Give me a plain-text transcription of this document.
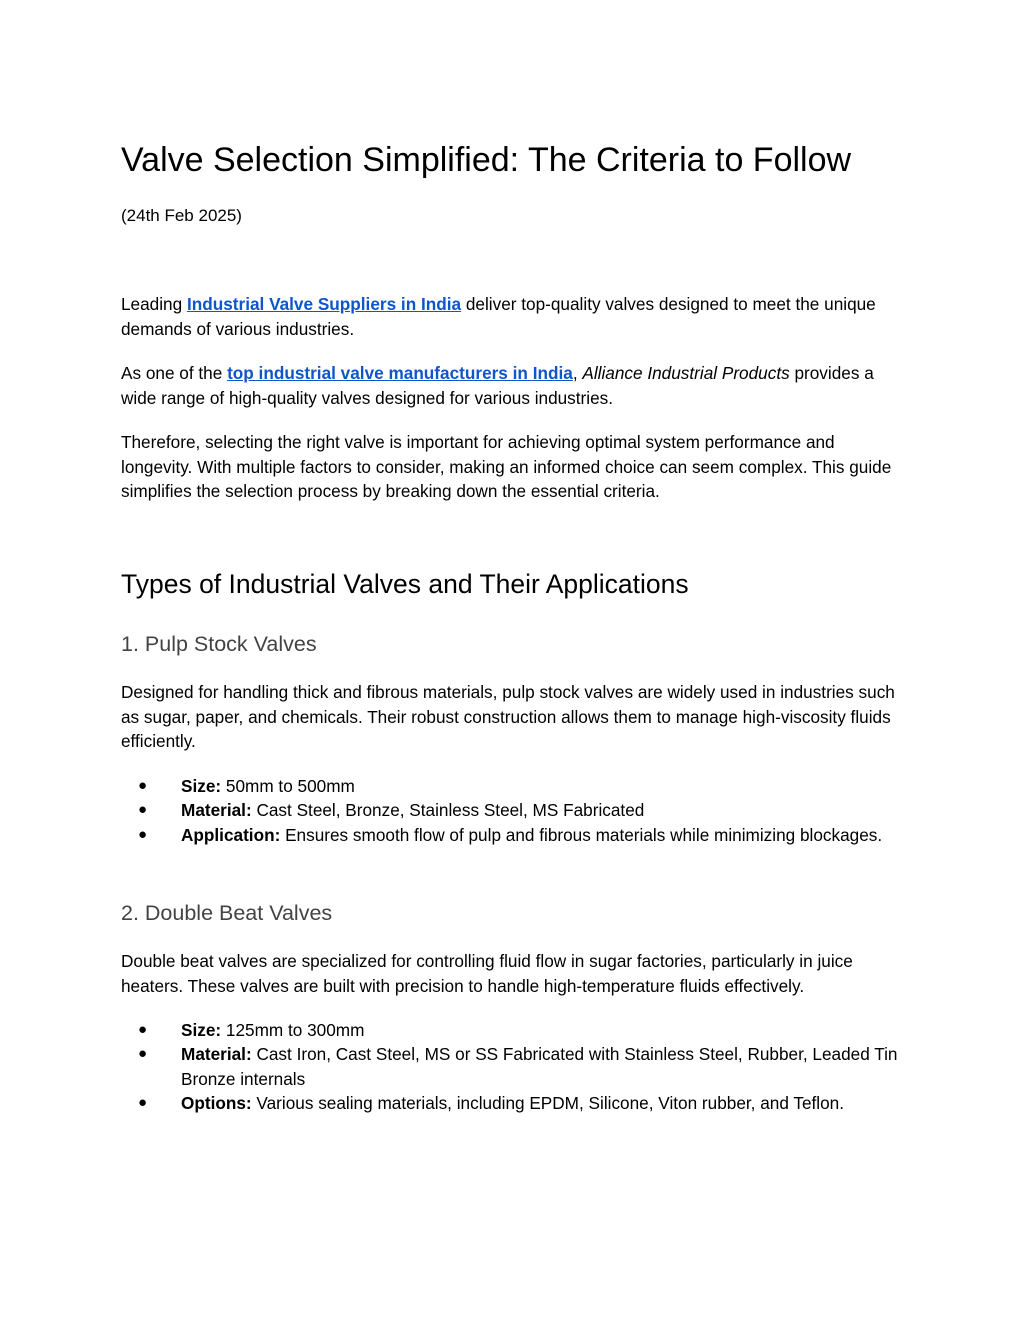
Valve Selection Simplified: The Criteria to Follow

(24th Feb 2025)

Leading Industrial Valve Suppliers in India deliver top-quality valves designed to meet the unique demands of various industries.

As one of the top industrial valve manufacturers in India, Alliance Industrial Products provides a wide range of high-quality valves designed for various industries.

Therefore, selecting the right valve is important for achieving optimal system performance and longevity. With multiple factors to consider, making an informed choice can seem complex. This guide simplifies the selection process by breaking down the essential criteria.

Types of Industrial Valves and Their Applications
1. Pulp Stock Valves

Designed for handling thick and fibrous materials, pulp stock valves are widely used in industries such as sugar, paper, and chemicals. Their robust construction allows them to manage high-viscosity fluids efficiently.

● Size: 50mm to 500mm
● Material: Cast Steel, Bronze, Stainless Steel, MS Fabricated
● Application: Ensures smooth flow of pulp and fibrous materials while minimizing blockages.
2. Double Beat Valves

Double beat valves are specialized for controlling fluid flow in sugar factories, particularly in juice heaters. These valves are built with precision to handle high-temperature fluids effectively.

● Size: 125mm to 300mm
● Material: Cast Iron, Cast Steel, MS or SS Fabricated with Stainless Steel, Rubber, Leaded Tin Bronze internals
● Options: Various sealing materials, including EPDM, Silicone, Viton rubber, and Teflon.
